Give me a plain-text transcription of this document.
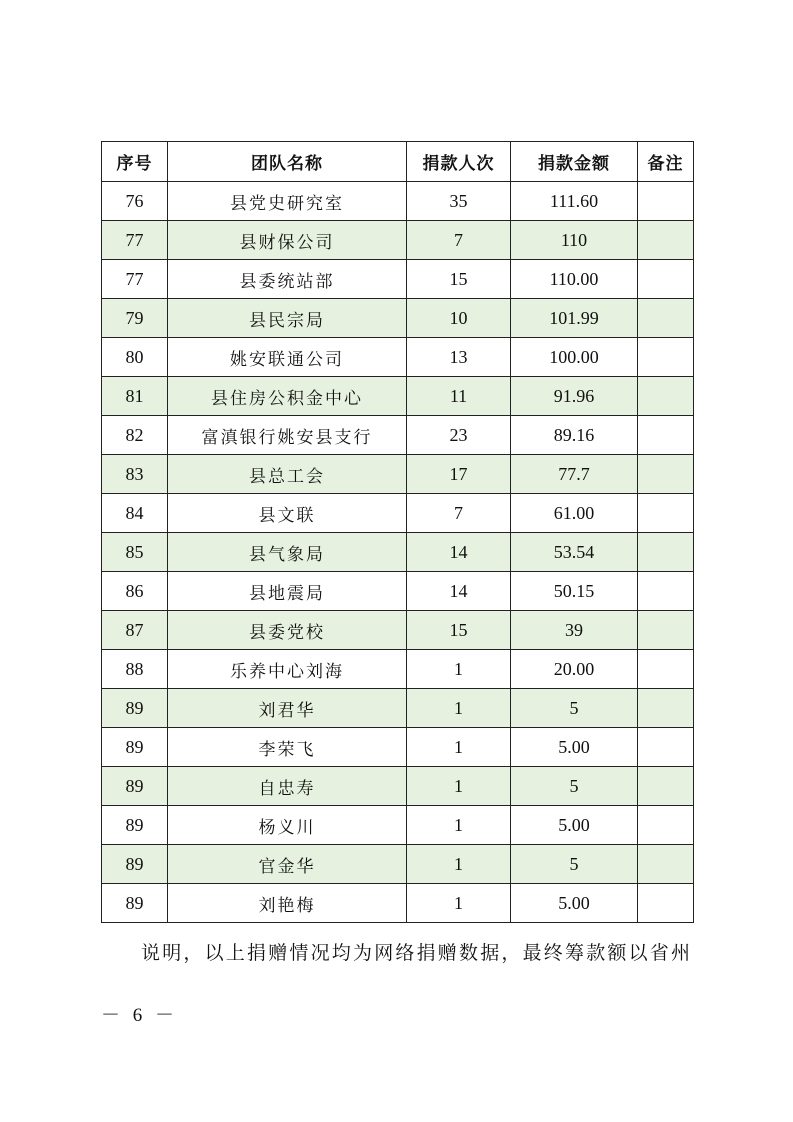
序号	团队名称	捐款人次	捐款金额	备注
76	县党史研究室	35	111.60	
77	县财保公司	7	110	
77	县委统站部	15	110.00	
79	县民宗局	10	101.99	
80	姚安联通公司	13	100.00	
81	县住房公积金中心	11	91.96	
82	富滇银行姚安县支行	23	89.16	
83	县总工会	17	77.7	
84	县文联	7	61.00	
85	县气象局	14	53.54	
86	县地震局	14	50.15	
87	县委党校	15	39	
88	乐养中心刘海	1	20.00	
89	刘君华	1	5	
89	李荣飞	1	5.00	
89	自忠寿	1	5	
89	杨义川	1	5.00	
89	官金华	1	5	
89	刘艳梅	1	5.00	
说明，以上捐赠情况均为网络捐赠数据，最终筹款额以省州
－ 6 －
